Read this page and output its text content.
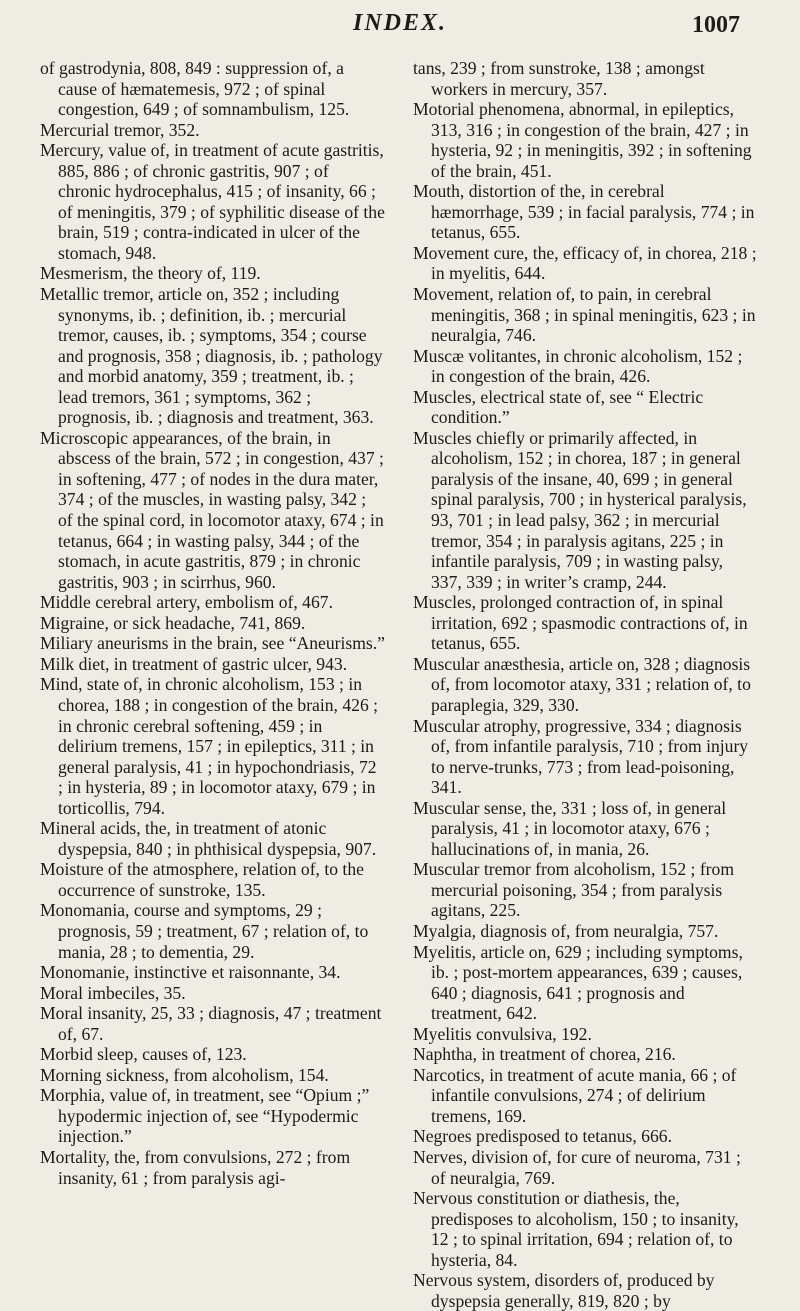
INDEX.	1007

of gastrodynia, 808, 849 : suppression of, a cause of hæmatemesis, 972 ; of spinal congestion, 649 ; of somnambulism, 125.

Mercurial tremor, 352.

Mercury, value of, in treatment of acute gastritis, 885, 886 ; of chronic gastritis, 907 ; of chronic hydrocephalus, 415 ; of insanity, 66 ; of meningitis, 379 ; of syphilitic disease of the brain, 519 ; contra-indicated in ulcer of the stomach, 948.

Mesmerism, the theory of, 119.

Metallic tremor, article on, 352 ; including synonyms, ib. ; definition, ib. ; mercurial tremor, causes, ib. ; symptoms, 354 ; course and prognosis, 358 ; diagnosis, ib. ; pathology and morbid anatomy, 359 ; treatment, ib. ; lead tremors, 361 ; symptoms, 362 ; prognosis, ib. ; diagnosis and treatment, 363.

Microscopic appearances, of the brain, in abscess of the brain, 572 ; in congestion, 437 ; in softening, 477 ; of nodes in the dura mater, 374 ; of the muscles, in wasting palsy, 342 ; of the spinal cord, in locomotor ataxy, 674 ; in tetanus, 664 ; in wasting palsy, 344 ; of the stomach, in acute gastritis, 879 ; in chronic gastritis, 903 ; in scirrhus, 960.

Middle cerebral artery, embolism of, 467.

Migraine, or sick headache, 741, 869.

Miliary aneurisms in the brain, see “Aneurisms.”

Milk diet, in treatment of gastric ulcer, 943.

Mind, state of, in chronic alcoholism, 153 ; in chorea, 188 ; in congestion of the brain, 426 ; in chronic cerebral softening, 459 ; in delirium tremens, 157 ; in epileptics, 311 ; in general paralysis, 41 ; in hypochondriasis, 72 ; in hysteria, 89 ; in locomotor ataxy, 679 ; in torticollis, 794.

Mineral acids, the, in treatment of atonic dyspepsia, 840 ; in phthisical dyspepsia, 907.

Moisture of the atmosphere, relation of, to the occurrence of sunstroke, 135.

Monomania, course and symptoms, 29 ; prognosis, 59 ; treatment, 67 ; relation of, to mania, 28 ; to dementia, 29.

Monomanie, instinctive et raisonnante, 34.

Moral imbeciles, 35.

Moral insanity, 25, 33 ; diagnosis, 47 ; treatment of, 67.

Morbid sleep, causes of, 123.

Morning sickness, from alcoholism, 154.

Morphia, value of, in treatment, see “Opium ;” hypodermic injection of, see “Hypodermic injection.”

Mortality, the, from convulsions, 272 ; from insanity, 61 ; from paralysis agi-

tans, 239 ; from sunstroke, 138 ; amongst workers in mercury, 357.

Motorial phenomena, abnormal, in epileptics, 313, 316 ; in congestion of the brain, 427 ; in hysteria, 92 ; in meningitis, 392 ; in softening of the brain, 451.

Mouth, distortion of the, in cerebral hæmorrhage, 539 ; in facial paralysis, 774 ; in tetanus, 655.

Movement cure, the, efficacy of, in chorea, 218 ; in myelitis, 644.

Movement, relation of, to pain, in cerebral meningitis, 368 ; in spinal meningitis, 623 ; in neuralgia, 746.

Muscæ volitantes, in chronic alcoholism, 152 ; in congestion of the brain, 426.

Muscles, electrical state of, see “ Electric condition.”

Muscles chiefly or primarily affected, in alcoholism, 152 ; in chorea, 187 ; in general paralysis of the insane, 40, 699 ; in general spinal paralysis, 700 ; in hysterical paralysis, 93, 701 ; in lead palsy, 362 ; in mercurial tremor, 354 ; in paralysis agitans, 225 ; in infantile paralysis, 709 ; in wasting palsy, 337, 339 ; in writer’s cramp, 244.

Muscles, prolonged contraction of, in spinal irritation, 692 ; spasmodic contractions of, in tetanus, 655.

Muscular anæsthesia, article on, 328 ; diagnosis of, from locomotor ataxy, 331 ; relation of, to paraplegia, 329, 330.

Muscular atrophy, progressive, 334 ; diagnosis of, from infantile paralysis, 710 ; from injury to nerve-trunks, 773 ; from lead-poisoning, 341.

Muscular sense, the, 331 ; loss of, in general paralysis, 41 ; in locomotor ataxy, 676 ; hallucinations of, in mania, 26.

Muscular tremor from alcoholism, 152 ; from mercurial poisoning, 354 ; from paralysis agitans, 225.

Myalgia, diagnosis of, from neuralgia, 757.

Myelitis, article on, 629 ; including symptoms, ib. ; post-mortem appearances, 639 ; causes, 640 ; diagnosis, 641 ; prognosis and treatment, 642.

Myelitis convulsiva, 192.

Naphtha, in treatment of chorea, 216.

Narcotics, in treatment of acute mania, 66 ; of infantile convulsions, 274 ; of delirium tremens, 169.

Negroes predisposed to tetanus, 666.

Nerves, division of, for cure of neuroma, 731 ; of neuralgia, 769.

Nervous constitution or diathesis, the, predisposes to alcoholism, 150 ; to insanity, 12 ; to spinal irritation, 694 ; relation of, to hysteria, 84.

Nervous system, disorders of, produced by dyspepsia generally, 819, 820 ; by
